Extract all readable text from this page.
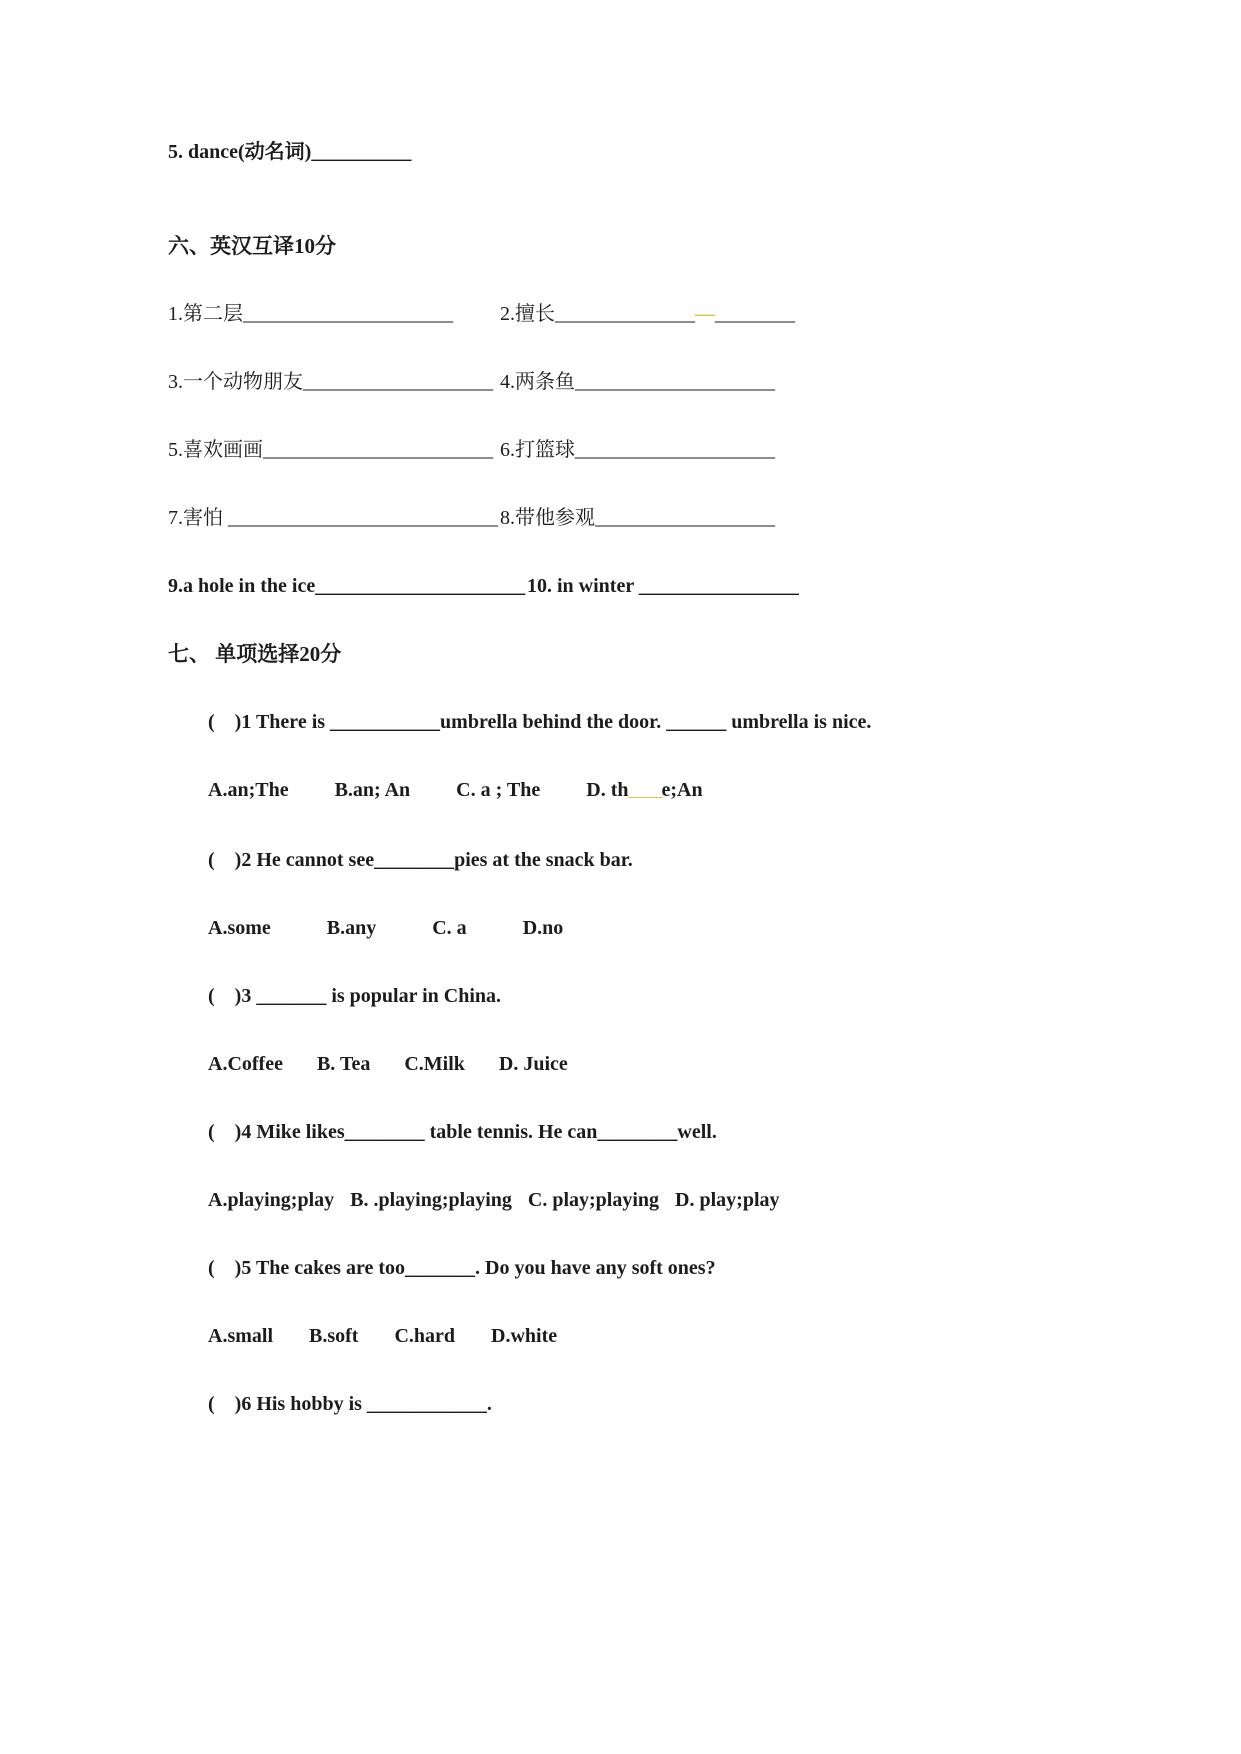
5. dance(动名词)__________
六、英汉互译10分
1.第二层_____________________	2.擅长______________—________
3.一个动物朋友___________________ 4.两条鱼____________________
5.喜欢画画_______________________ 6.打篮球____________________
7.害怕 ___________________________ 8.带他参观__________________
9.a hole in the ice_____________________ 10. in winter ________________
七、 单项选择20分
(    )1 There is ___________umbrella behind the door. ______ umbrella is nice.
A.an;The B.an; An C. a ; The D. th______e;An
(    )2 He cannot see________pies at the snack bar.
A.some	B.any	C. a	D.no
(    )3 _______ is popular in China.
A.Coffee B. Tea C.Milk D. Juice
(    )4 Mike likes________ table tennis. He can________well.
A.playing;play B. .playing;playing C. play;playing D. play;play
(    )5 The cakes are too_______. Do you have any soft ones?
A.small B.soft C.hard D.white
(    )6 His hobby is ____________.
